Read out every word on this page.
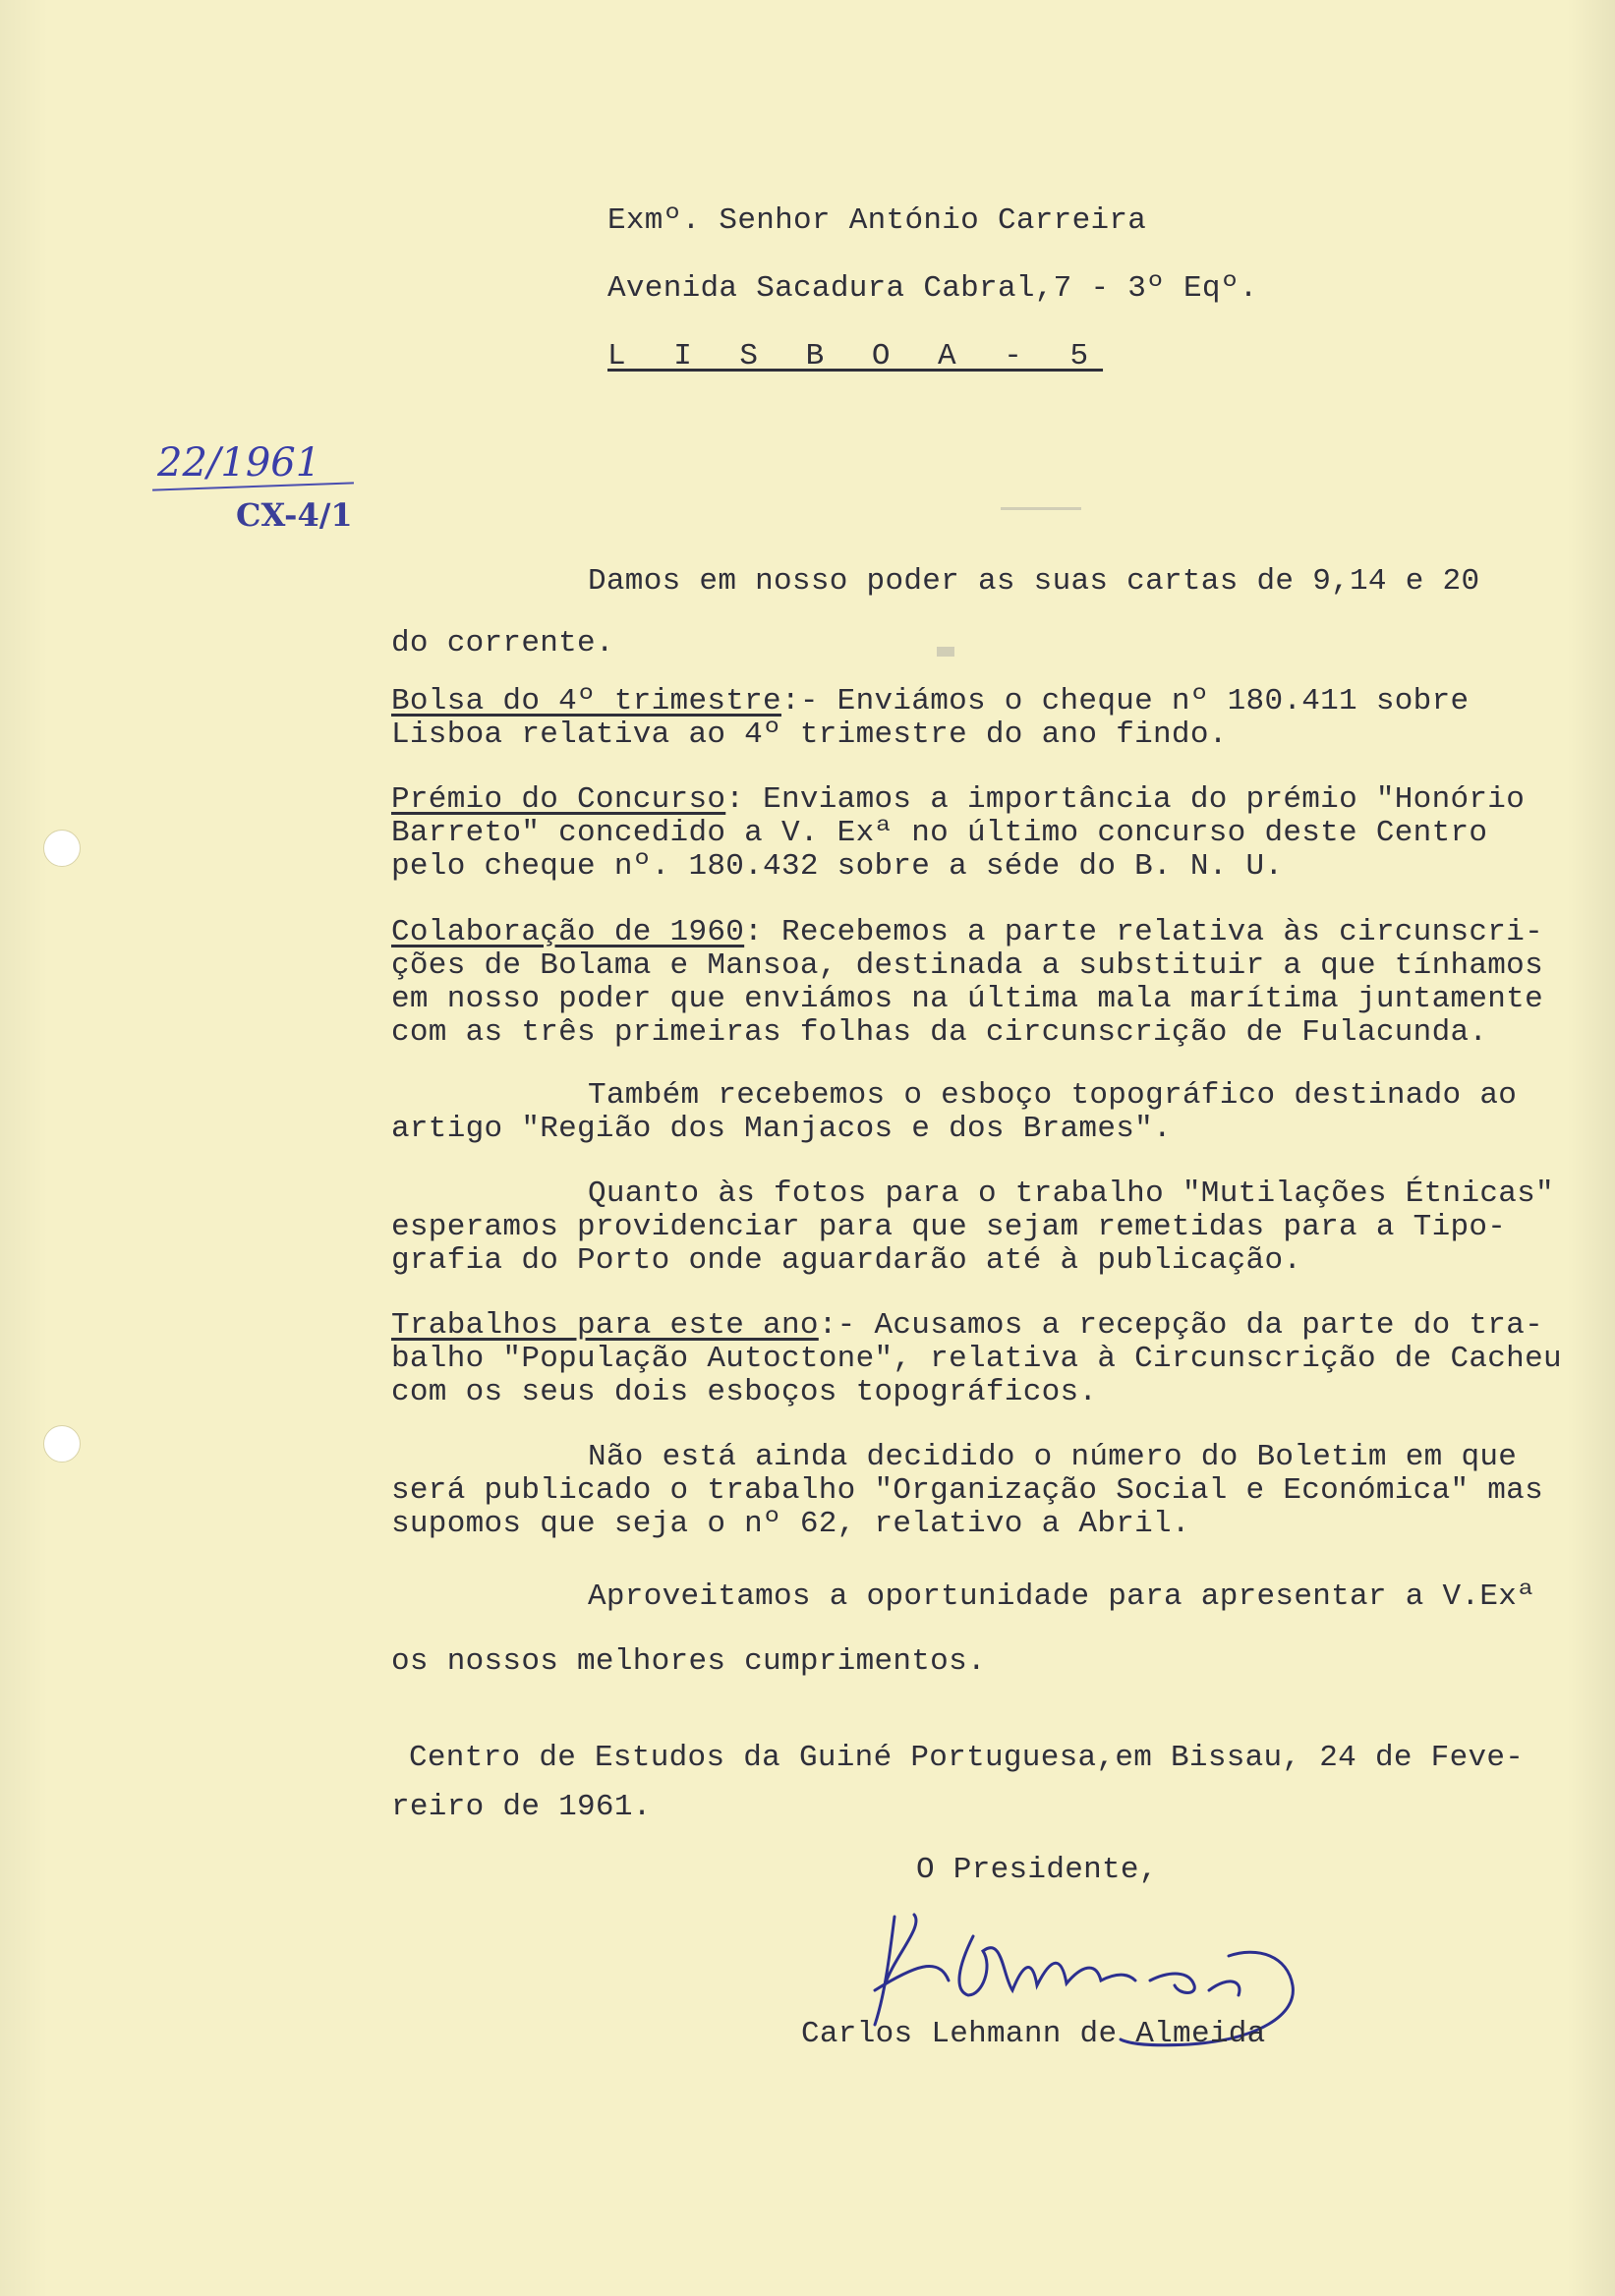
Exmº. Senhor António Carreira
Avenida Sacadura Cabral,7 - 3º Eqº.
L I S B O A - 5
22/1961
CX-4/1
Damos em nosso poder as suas cartas de 9,14 e 20
do corrente.
Bolsa do 4º trimestre:- Enviámos o cheque nº 180.411 sobre
Lisboa relativa ao 4º trimestre do ano findo.
Prémio do Concurso: Enviamos a importância do prémio "Honório
Barreto" concedido a V. Exª no último concurso deste Centro
pelo cheque nº. 180.432 sobre a séde do B. N. U.
Colaboração de 1960: Recebemos a parte relativa às circunscri-
ções de Bolama e Mansoa, destinada a substituir a que tínhamos
em nosso poder que enviámos na última mala marítima juntamente
com as três primeiras folhas da circunscrição de Fulacunda.
Também recebemos o esboço topográfico destinado ao
artigo "Região dos Manjacos e dos Brames".
Quanto às fotos para o trabalho "Mutilações Étnicas"
esperamos providenciar para que sejam remetidas para a Tipo-
grafia do Porto onde aguardarão até à publicação.
Trabalhos para este ano:- Acusamos a recepção da parte do tra-
balho "População Autoctone", relativa à Circunscrição de Cacheu
com os seus dois esboços topográficos.
Não está ainda decidido o número do Boletim em que
será publicado o trabalho "Organização Social e Económica" mas
supomos que seja o nº 62, relativo a Abril.
Aproveitamos a oportunidade para apresentar a V.Exª
os nossos melhores cumprimentos.
Centro de Estudos da Guiné Portuguesa,em Bissau, 24 de Feve-
reiro de 1961.
O Presidente,
Carlos Lehmann de Almeida
